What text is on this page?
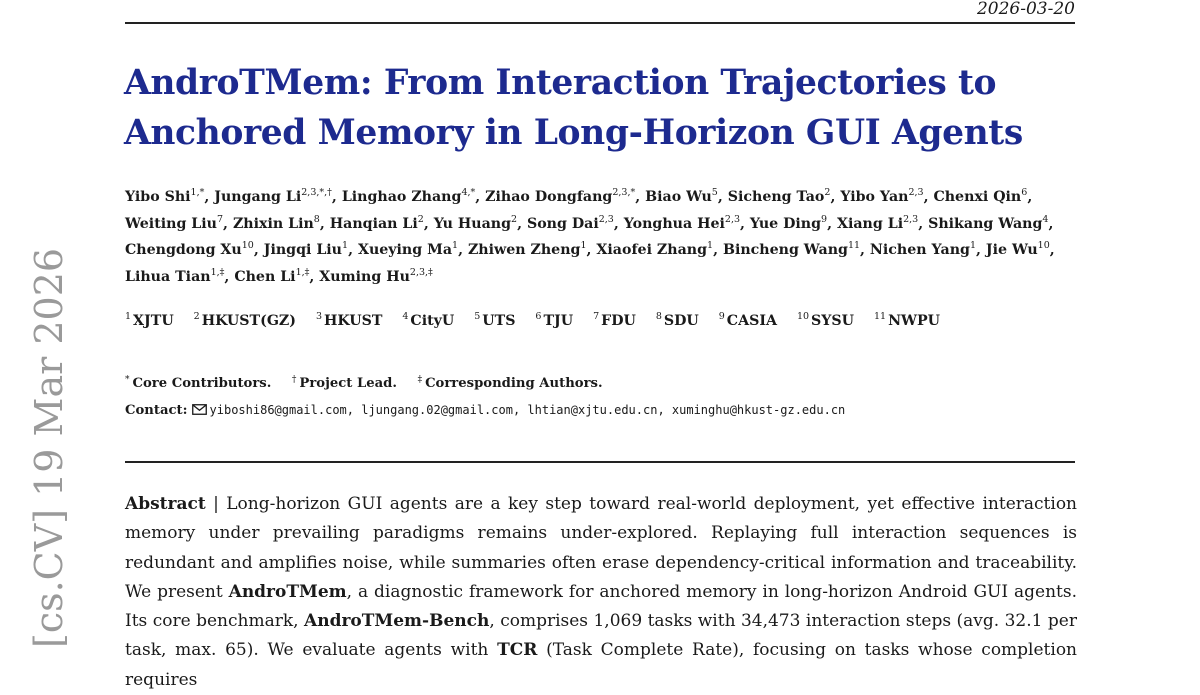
2026-03-20
AndroTMem: From Interaction Trajectories to Anchored Memory in Long-Horizon GUI Agents
Yibo Shi$^{1,*}$, Jungang $Li^{2,3,*,\dagger}$, Linghao Zhang$^{4,*}$, Zihao Dongfang$^{2,3,*}$, Biao Wu$^5$, Sicheng Tao$^2$, Yibo Yan$^{2,3}$, Chenxi Qin$^6$, Weiting Liu$^7$, Zhixin Lin$^8$, Hanqian Li$^2$, Yu Huang$^2$, Song Dai$^{2,3}$, Yonghua Hei$^{2,3}$, Yue Ding$^9$, Xiang Li$^{2,3}$, Shikang Wang$^4$, Chengdong Xu$^{10}$, Jingqi Liu$^1$, Xueying Ma$^1$, Zhiwen Zheng$^1$, Xiaofei Zhang$^1$, Bincheng Wang$^{11}$, Nichen Yang$^1$, Jie Wu$^{10}$, Lihua Tian$^{1,\ddagger}$, Chen $Li^{1,\ddagger}$, Xuming $Hu^{2,3,\ddagger}$
$^1$ XJTU $^2$ HKUST(GZ) $^3$ HKUST $^4$ CityU $^5$ UTS $^6$ TJU $^7$ FDU $^8$ SDU $^9$ CASIA $^{10}$ SYSU $^{11}$ NWPU
* Core Contributors. † Project Lead. ‡ Corresponding Authors.
Contact: yiboshi86@gmail.com, ljungang.02@gmail.com, lhtian@xjtu.edu.cn, xuminghu@hkust-gz.edu.cn
Abstract | Long-horizon GUI agents are a key step toward real-world deployment, yet effective interaction memory under prevailing paradigms remains under-explored. Replaying full interaction sequences is redundant and amplifies noise, while summaries often erase dependency-critical information and traceability. We present AndroTMem, a diagnostic framework for anchored memory in long-horizon Android GUI agents. Its core benchmark, AndroTMem-Bench, comprises 1,069 tasks with 34,473 interaction steps (avg. 32.1 per task, max. 65). We evaluate agents with TCR (Task Complete Rate), focusing on tasks whose completion requires
[cs.CV] 19 Mar 2026
